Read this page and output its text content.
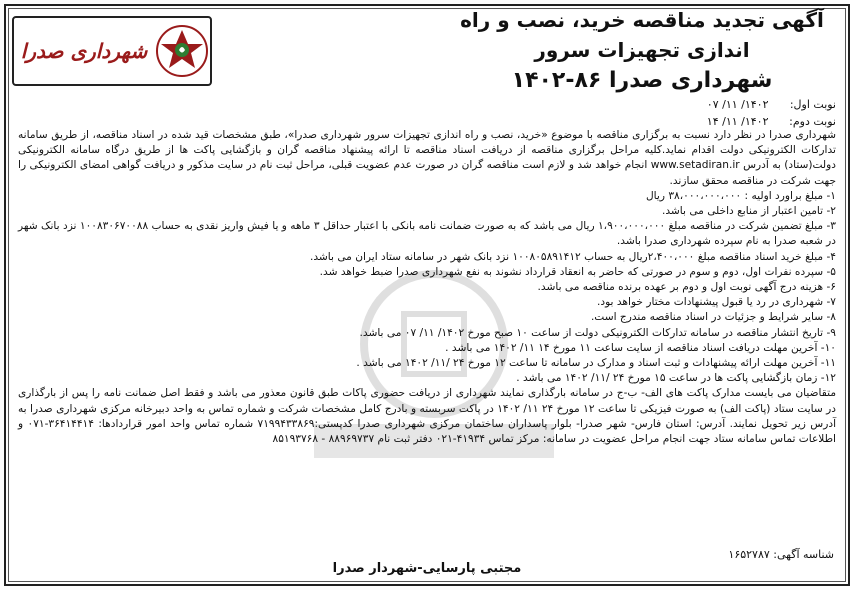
آگهی تجدید مناقصه خرید، نصب و راه اندازی تجهیزات سرور
شهرداری صدرا ۸۶-۱۴۰۲
شهرداری صدرا
نوبت اول: ۱۴۰۲/ ۱۱/ ۰۷
نوبت دوم: ۱۴۰۲/ ۱۱/ ۱۴

شهرداری صدرا در نظر دارد نسبت به برگزاری مناقصه با موضوع «خرید، نصب و راه اندازی تجهیزات سرور شهرداری صدرا»، طبق مشخصات قید شده در اسناد مناقصه، از طریق سامانه تدارکات الکترونیکی دولت اقدام نماید.کلیه مراحل برگزاری مناقصه از دریافت اسناد مناقصه تا ارائه پیشنهاد مناقصه گران و بازگشایی پاکت ها از طریق درگاه سامانه الکترونیکی دولت(ستاد) به آدرس www.setadiran.ir انجام خواهد شد و لازم است مناقصه گران در صورت عدم عضویت قبلی، مراحل ثبت نام در سایت مذکور و دریافت گواهی امضای الکترونیکی را جهت شرکت در مناقصه محقق سازند.

۱- مبلغ براورد اولیه : ۳۸،۰۰۰،۰۰۰،۰۰۰ ریال
۲- تامین اعتبار از منابع داخلی می باشد.
۳- مبلغ تضمین شرکت در مناقصه مبلغ ۱،۹۰۰،۰۰۰،۰۰۰ ریال می باشد که به صورت ضمانت نامه بانکی با اعتبار حداقل ۳ ماهه و یا فیش واریز نقدی به حساب ۱۰۰۸۳۰۶۷۰۰۸۸ نزد بانک شهر در شعبه صدرا به نام سپرده شهرداری صدرا باشد.
۴- مبلغ خرید اسناد مناقصه مبلغ ۲،۴۰۰،۰۰۰ریال به حساب ۱۰۰۸۰۵۸۹۱۴۱۲ نزد بانک شهر در سامانه ستاد ایران می باشد.
۵- سپرده نفرات اول، دوم و سوم در صورتی که حاضر به انعقاد قرارداد نشوند به نفع شهرداری صدرا ضبط خواهد شد.
۶- هزینه درج آگهی نوبت اول و دوم بر عهده برنده مناقصه می باشد.
۷- شهرداری در رد یا قبول پیشنهادات مختار خواهد بود.
۸- سایر شرایط و جزئیات در اسناد مناقصه مندرج است.
۹- تاریخ انتشار مناقصه در سامانه تدارکات الکترونیکی دولت از ساعت ۱۰ صبح مورخ ۱۴۰۲/ ۱۱/ ۰۷ می باشد.
۱۰- آخرین مهلت دریافت اسناد مناقصه از سایت ساعت ۱۱ مورخ ۱۴ ۱۱/ ۱۴۰۲ می باشد .
۱۱- آخرین مهلت ارائه پیشنهادات و ثبت اسناد و مدارک در سامانه تا ساعت ۱۲ مورخ ۲۴ /۱۱/ ۱۴۰۲ می باشد .
۱۲- زمان بازگشایی پاکت ها در ساعت ۱۵ مورخ ۲۴ /۱۱/ ۱۴۰۲ می باشد .

متقاضیان می بایست مدارک پاکت های الف- ب-ج در سامانه بارگذاری نمایند شهرداری از دریافت حضوری پاکات طبق قانون معذور می باشد و فقط اصل ضمانت نامه را پس از بارگذاری در سایت ستاد (پاکت الف) به صورت فیزیکی تا ساعت ۱۲ مورخ ۲۴ ۱۱/ ۱۴۰۲ در پاکت سربسته و بادرج کامل مشخصات شرکت و شماره تماس به واحد دبیرخانه مرکزی شهرداری صدرا به آدرس زیر تحویل نمایند. آدرس: استان فارس- شهر صدرا- بلوار پاسداران ساختمان مرکزی شهرداری صدرا کدپستی:۷۱۹۹۴۳۳۸۶۹ شماره تماس واحد امور قراردادها: ۳۶۴۱۴۴۱۴-۰۷۱ و اطلاعات تماس سامانه ستاد جهت انجام مراحل عضویت در سامانه: مرکز تماس ۴۱۹۳۴-۰۲۱ دفتر ثبت نام ۸۸۹۶۹۷۳۷ - ۸۵۱۹۳۷۶۸

شناسه آگهی: ۱۶۵۲۷۸۷
مجتبی پارسایی-شهردار صدرا
